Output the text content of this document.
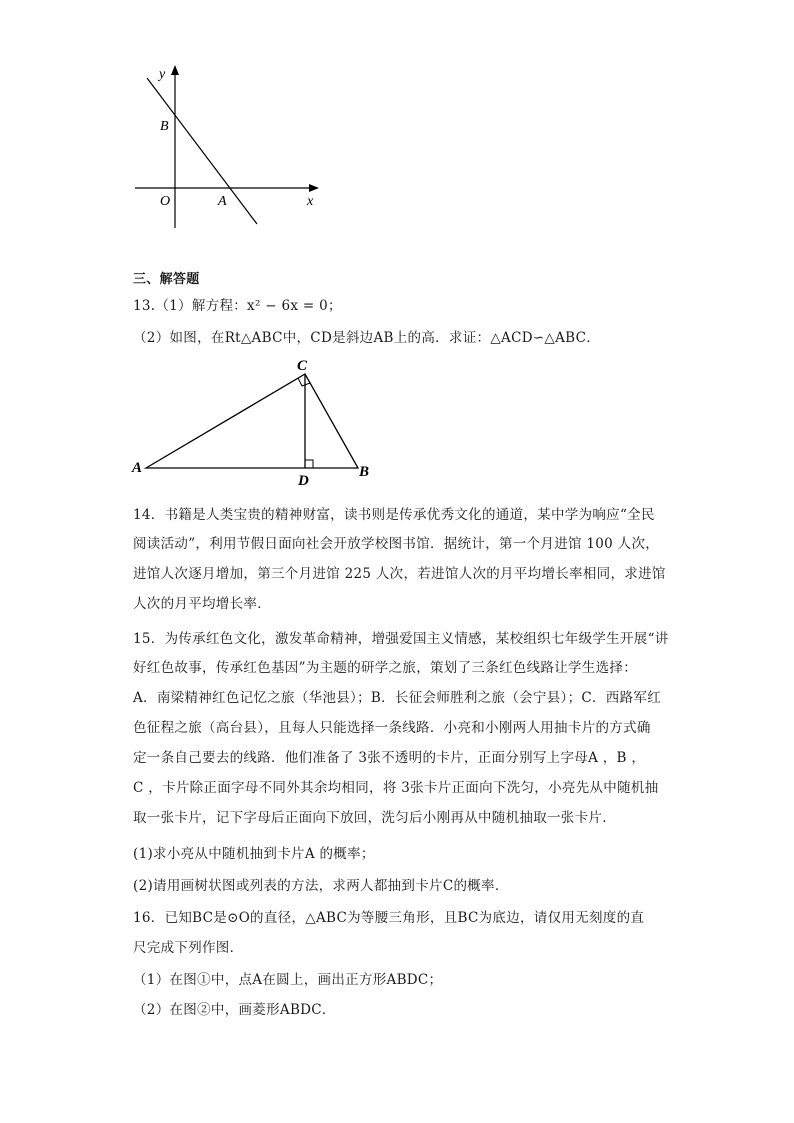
y
B
O	A	x
三、解答题
13.（1）解方程：x² − 6x = 0；
（2）如图，在Rt△ABC中，CD是斜边AB上的高．求证：△ACD∽△ABC．
C
A	B
D
14．书籍是人类宝贵的精神财富，读书则是传承优秀文化的通道，某中学为响应“全民
阅读活动”，利用节假日面向社会开放学校图书馆．据统计，第一个月进馆 100 人次，
进馆人次逐月增加，第三个月进馆 225 人次，若进馆人次的月平均增长率相同，求进馆
人次的月平均增长率．
15．为传承红色文化，激发革命精神，增强爱国主义情感，某校组织七年级学生开展“讲
好红色故事，传承红色基因”为主题的研学之旅，策划了三条红色线路让学生选择：
A．南梁精神红色记忆之旅（华池县）；B．长征会师胜利之旅（会宁县）；C．西路军红
色征程之旅（高台县），且每人只能选择一条线路．小亮和小刚两人用抽卡片的方式确
定一条自己要去的线路．他们准备了 3张不透明的卡片，正面分别写上字母A ，B ，
C ，卡片除正面字母不同外其余均相同，将 3张卡片正面向下洗匀，小亮先从中随机抽
取一张卡片，记下字母后正面向下放回，洗匀后小刚再从中随机抽取一张卡片．
(1)求小亮从中随机抽到卡片A 的概率；
(2)请用画树状图或列表的方法，求两人都抽到卡片C的概率．
16．已知BC是⊙O的直径，△ABC为等腰三角形，且BC为底边，请仅用无刻度的直
尺完成下列作图．
（1）在图①中，点A在圆上，画出正方形ABDC；
（2）在图②中，画菱形ABDC．
